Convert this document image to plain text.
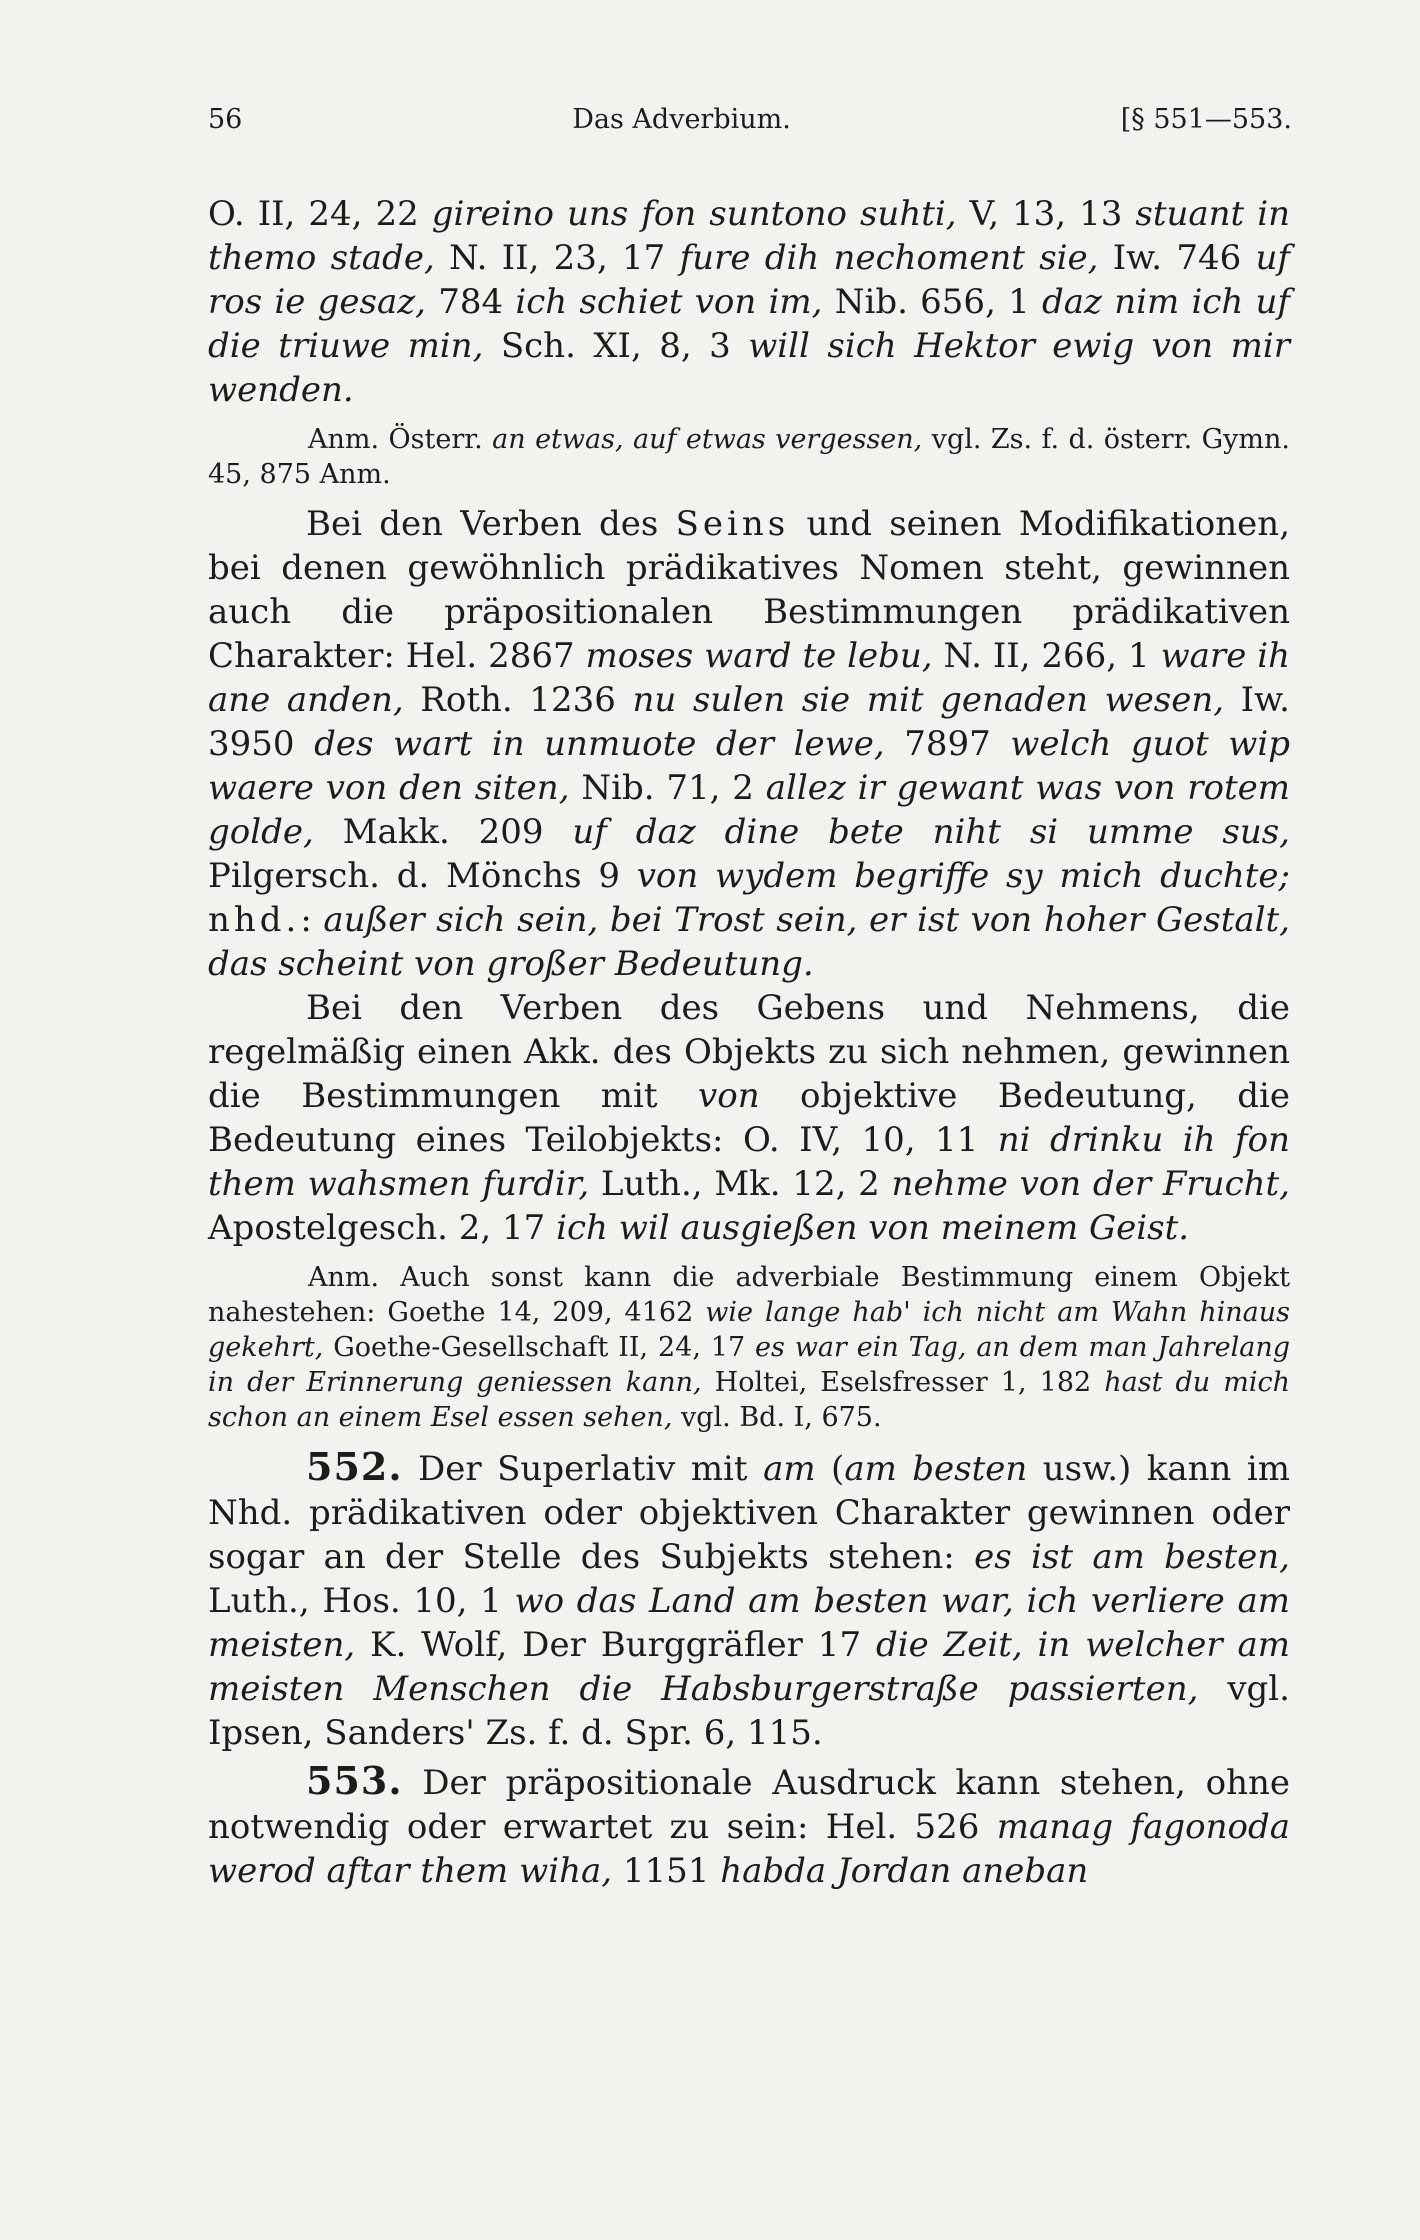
56	Das Adverbium.	[§ 551—553.

O. II, 24, 22 gireino uns fon suntono suhti, V, 13, 13 stuant in themo stade, N. II, 23, 17 fure dih nechoment sie, Iw. 746 uf ros ie gesaz, 784 ich schiet von im, Nib. 656, 1 daz nim ich uf die triuwe min, Sch. XI, 8, 3 will sich Hektor ewig von mir wenden.

Anm. Österr. an etwas, auf etwas vergessen, vgl. Zs. f. d. österr. Gymn. 45, 875 Anm.

Bei den Verben des Seins und seinen Modifikationen, bei denen gewöhnlich prädikatives Nomen steht, gewinnen auch die präpositionalen Bestimmungen prädikativen Charakter: Hel. 2867 moses ward te lebu, N. II, 266, 1 ware ih ane anden, Roth. 1236 nu sulen sie mit genaden wesen, Iw. 3950 des wart in unmuote der lewe, 7897 welch guot wip waere von den siten, Nib. 71, 2 allez ir gewant was von rotem golde, Makk. 209 uf daz dine bete niht si umme sus, Pilgersch. d. Mönchs 9 von wydem begriffe sy mich duchte; nhd.: außer sich sein, bei Trost sein, er ist von hoher Gestalt, das scheint von großer Bedeutung.

Bei den Verben des Gebens und Nehmens, die regelmäßig einen Akk. des Objekts zu sich nehmen, gewinnen die Bestimmungen mit von objektive Bedeutung, die Bedeutung eines Teilobjekts: O. IV, 10, 11 ni drinku ih fon them wahsmen furdir, Luth., Mk. 12, 2 nehme von der Frucht, Apostelgesch. 2, 17 ich wil ausgießen von meinem Geist.

Anm. Auch sonst kann die adverbiale Bestimmung einem Objekt nahestehen: Goethe 14, 209, 4162 wie lange hab' ich nicht am Wahn hinaus gekehrt, Goethe-Gesellschaft II, 24, 17 es war ein Tag, an dem man Jahrelang in der Erinnerung geniessen kann, Holtei, Eselsfresser 1, 182 hast du mich schon an einem Esel essen sehen, vgl. Bd. I, 675.

552. Der Superlativ mit am (am besten usw.) kann im Nhd. prädikativen oder objektiven Charakter gewinnen oder sogar an der Stelle des Subjekts stehen: es ist am besten, Luth., Hos. 10, 1 wo das Land am besten war, ich verliere am meisten, K. Wolf, Der Burggräfler 17 die Zeit, in welcher am meisten Menschen die Habsburgerstraße passierten, vgl. Ipsen, Sanders' Zs. f. d. Spr. 6, 115.

553. Der präpositionale Ausdruck kann stehen, ohne notwendig oder erwartet zu sein: Hel. 526 manag fagonoda werod aftar them wiha, 1151 habda Jordan aneban
